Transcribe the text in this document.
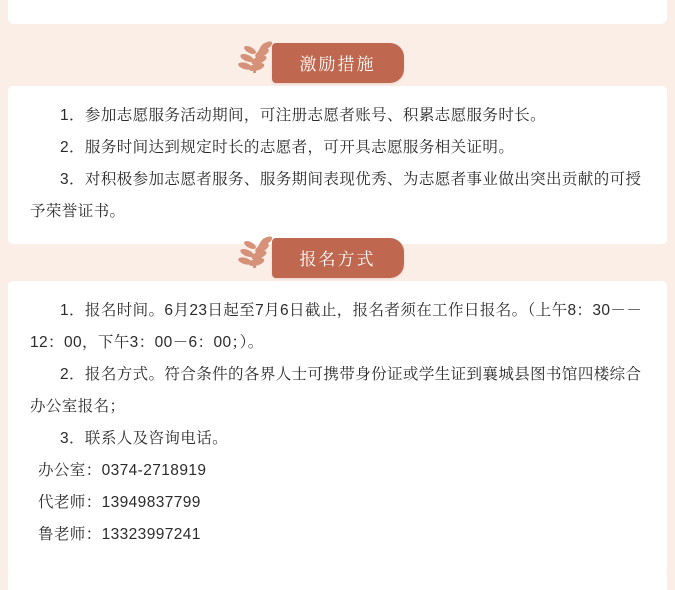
激励措施
1．参加志愿服务活动期间，可注册志愿者账号、积累志愿服务时长。
2．服务时间达到规定时长的志愿者，可开具志愿服务相关证明。
3．对积极参加志愿者服务、服务期间表现优秀、为志愿者事业做出突出贡献的可授予荣誉证书。
报名方式
1．报名时间。6月23日起至7月6日截止，报名者须在工作日报名。（上午8：30－－12：00，下午3：00－6：00；）。
2．报名方式。符合条件的各界人士可携带身份证或学生证到襄城县图书馆四楼综合办公室报名；
3．联系人及咨询电话。
办公室：0374-2718919
代老师：13949837799
鲁老师：13323997241
